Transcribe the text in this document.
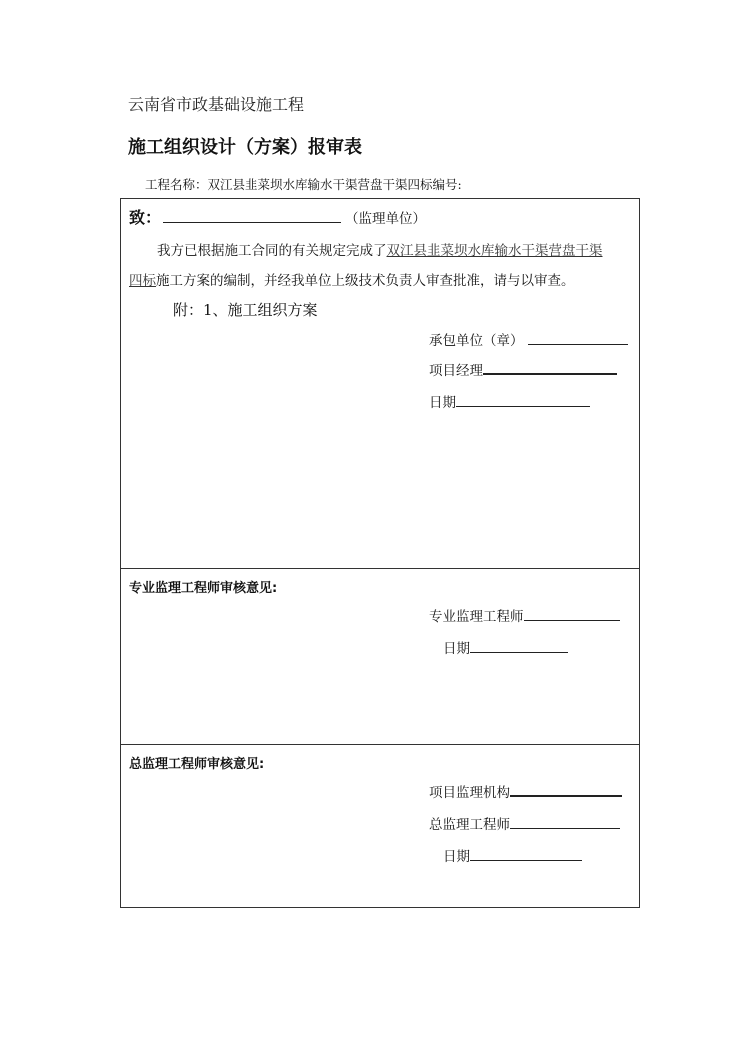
云南省市政基础设施工程
施工组织设计（方案）报审表
工程名称：双江县韭菜坝水库输水干渠营盘干渠四标编号:
致：	（监理单位）
我方已根据施工合同的有关规定完成了双江县韭菜坝水库输水干渠营盘干渠
四标施工方案的编制，并经我单位上级技术负责人审查批准，请与以审查。
附：1、施工组织方案
承包单位（章）
项目经理
日期
专业监理工程师审核意见:
专业监理工程师
日期
总监理工程师审核意见:
项目监理机构
总监理工程师
日期
